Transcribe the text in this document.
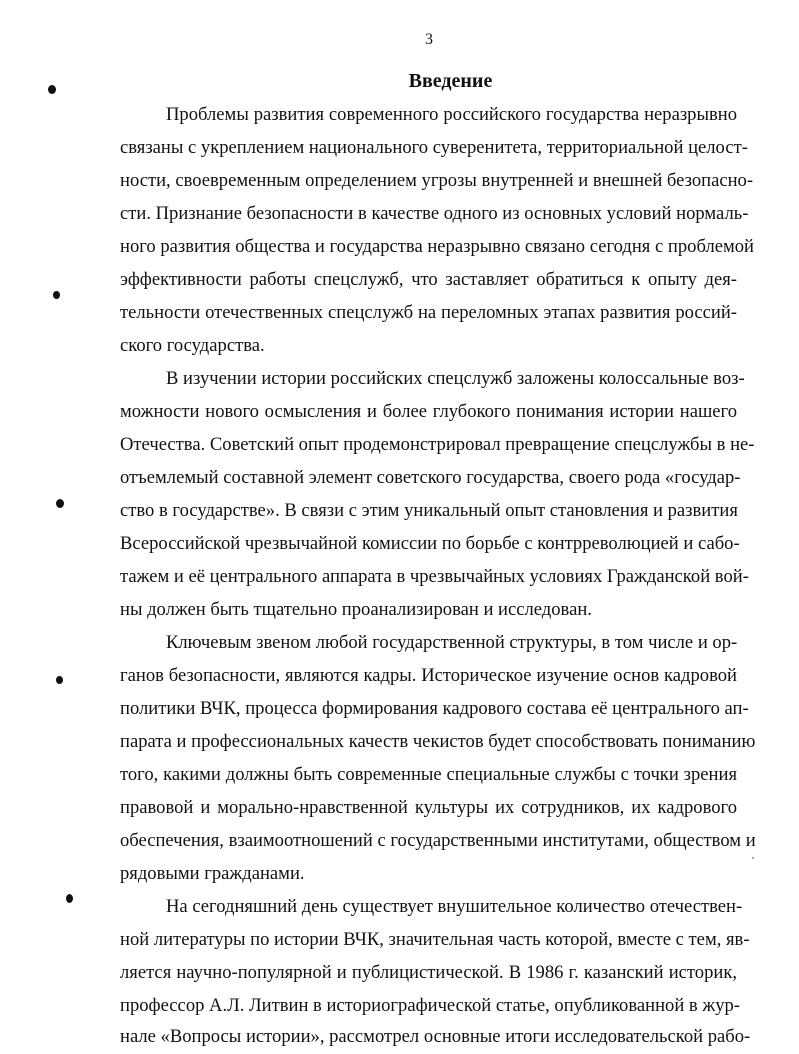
3
Введение
Проблемы развития современного российского государства неразрывно
связаны с укреплением национального суверенитета, территориальной целост-
ности, своевременным определением угрозы внутренней и внешней безопасно-
сти. Признание безопасности в качестве одного из основных условий нормаль-
ного развития общества и государства неразрывно связано сегодня с проблемой
эффективности работы спецслужб, что заставляет обратиться к опыту дея-
тельности отечественных спецслужб на переломных этапах развития россий-
ского государства.
В изучении истории российских спецслужб заложены колоссальные воз-
можности нового осмысления и более глубокого понимания истории нашего
Отечества. Советский опыт продемонстрировал превращение спецслужбы в не-
отъемлемый составной элемент советского государства, своего рода «государ-
ство в государстве». В связи с этим уникальный опыт становления и развития
Всероссийской чрезвычайной комиссии по борьбе с контрреволюцией и сабо-
тажем и её центрального аппарата в чрезвычайных условиях Гражданской вой-
ны должен быть тщательно проанализирован и исследован.
Ключевым звеном любой государственной структуры, в том числе и ор-
ганов безопасности, являются кадры. Историческое изучение основ кадровой
политики ВЧК, процесса формирования кадрового состава её центрального ап-
парата и профессиональных качеств чекистов будет способствовать пониманию
того, какими должны быть современные специальные службы с точки зрения
правовой и морально-нравственной культуры их сотрудников, их кадрового
обеспечения, взаимоотношений с государственными институтами, обществом и
рядовыми гражданами.
На сегодняшний день существует внушительное количество отечествен-
ной литературы по истории ВЧК, значительная часть которой, вместе с тем, яв-
ляется научно-популярной и публицистической. В 1986 г. казанский историк,
профессор А.Л. Литвин в историографической статье, опубликованной в жур-
нале «Вопросы истории», рассмотрел основные итоги исследовательской рабо-
